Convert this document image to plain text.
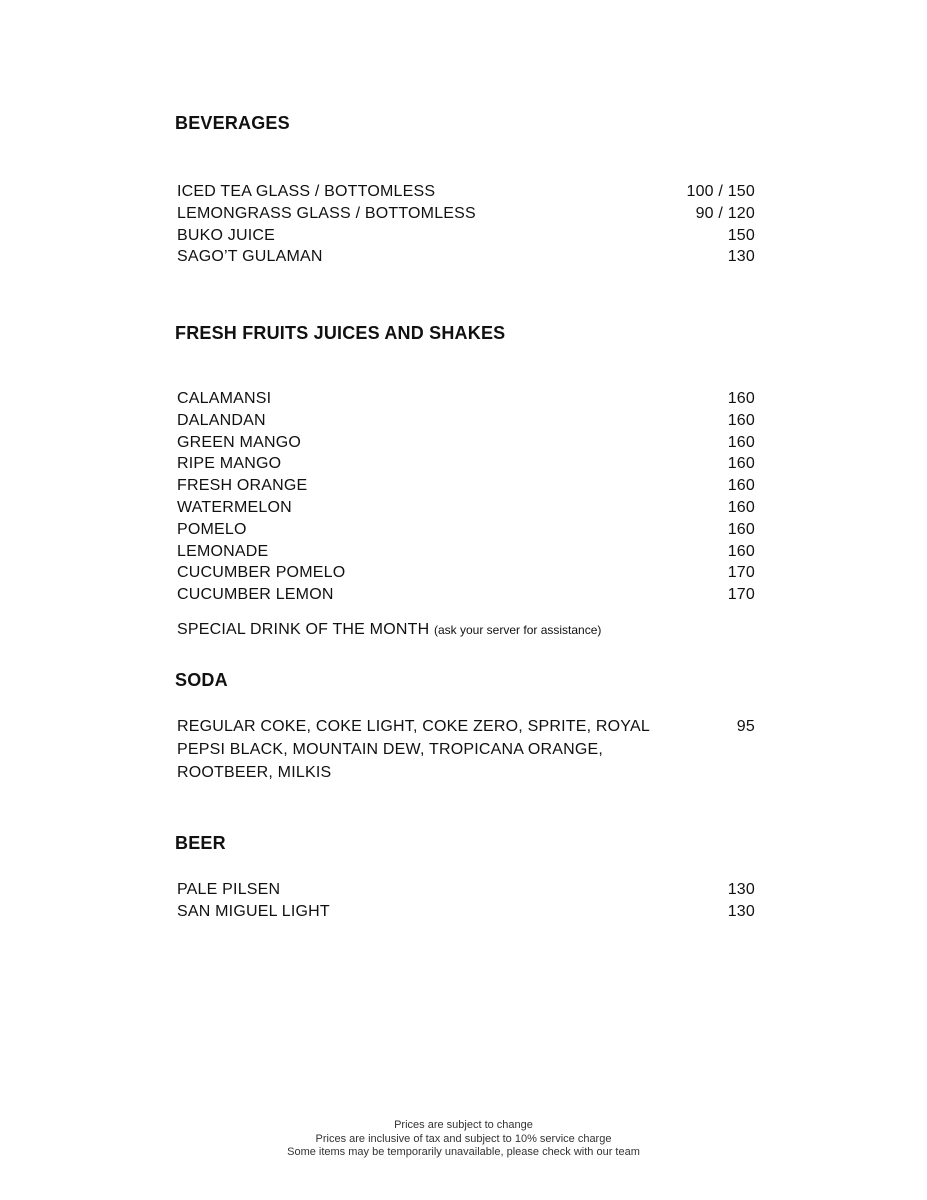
BEVERAGES
ICED TEA GLASS / BOTTOMLESS	100 / 150
LEMONGRASS GLASS / BOTTOMLESS	90 / 120
BUKO JUICE	150
SAGO’T GULAMAN	130
FRESH FRUITS JUICES AND SHAKES
CALAMANSI	160
DALANDAN	160
GREEN MANGO	160
RIPE MANGO	160
FRESH ORANGE	160
WATERMELON	160
POMELO	160
LEMONADE	160
CUCUMBER POMELO	170
CUCUMBER LEMON	170
SPECIAL DRINK OF THE MONTH (ask your server for assistance)
SODA
REGULAR COKE, COKE LIGHT, COKE ZERO, SPRITE, ROYAL PEPSI BLACK, MOUNTAIN DEW, TROPICANA ORANGE, ROOTBEER, MILKIS
95
BEER
PALE PILSEN	130
SAN MIGUEL LIGHT	130
Prices are subject to change
Prices are inclusive of tax and subject to 10% service charge
Some items may be temporarily unavailable, please check with our team
